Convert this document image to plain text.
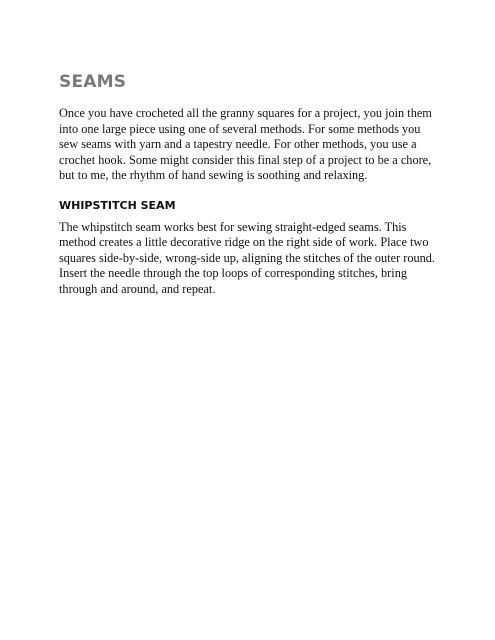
SEAMS

Once you have crocheted all the granny squares for a project, you join them into one large piece using one of several methods. For some methods you sew seams with yarn and a tapestry needle. For other methods, you use a crochet hook. Some might consider this final step of a project to be a chore, but to me, the rhythm of hand sewing is soothing and relaxing.

WHIPSTITCH SEAM

The whipstitch seam works best for sewing straight-edged seams. This method creates a little decorative ridge on the right side of work. Place two squares side-by-side, wrong-side up, aligning the stitches of the outer round. Insert the needle through the top loops of corresponding stitches, bring through and around, and repeat.
